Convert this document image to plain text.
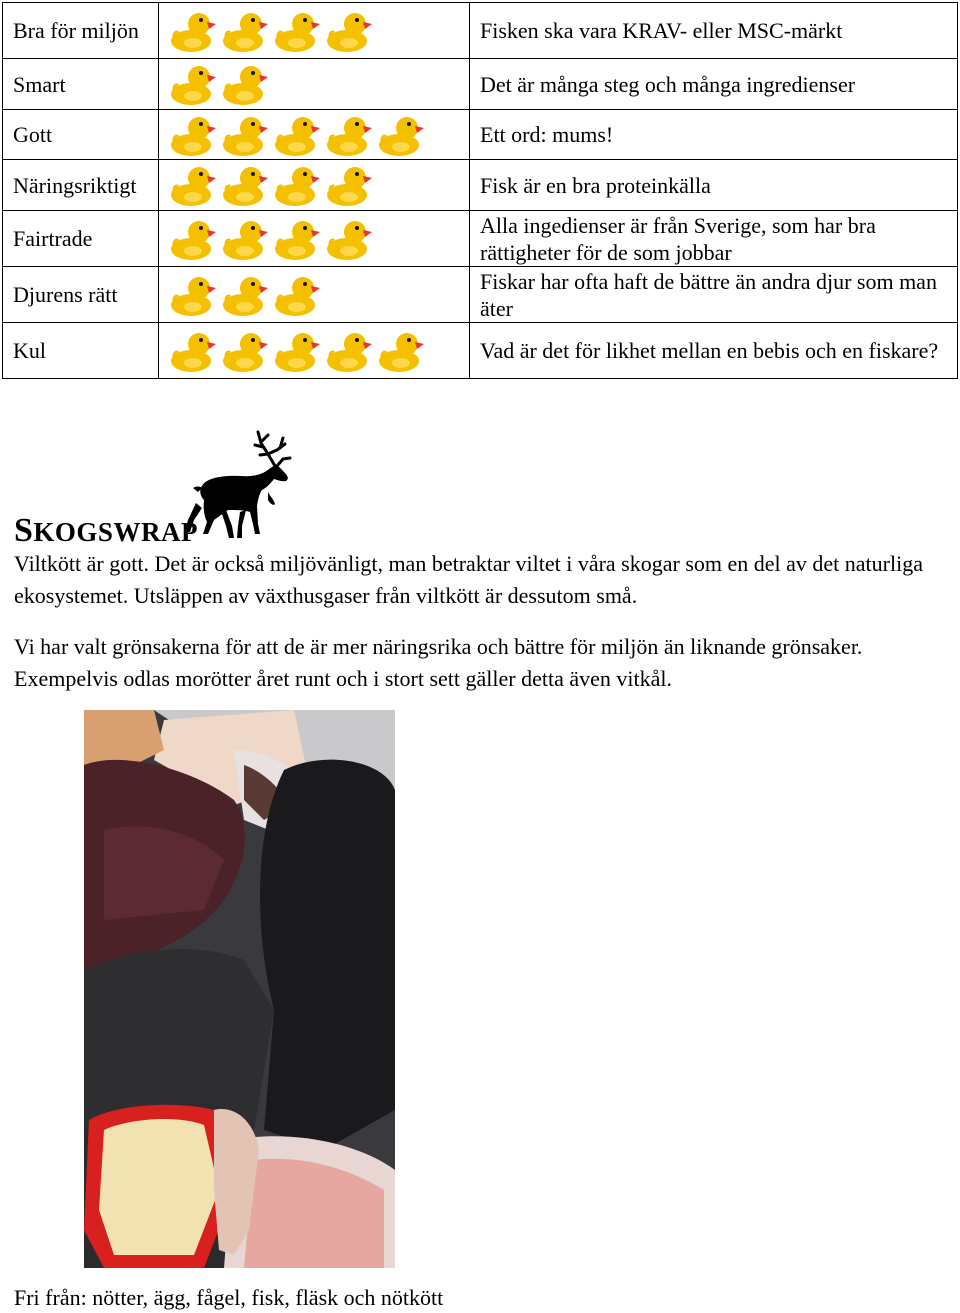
Bra för miljön		Fisken ska vara KRAV- eller MSC-märkt
Smart		Det är många steg och många ingredienser
Gott		Ett ord: mums!
Näringsriktigt		Fisk är en bra proteinkälla
Fairtrade		Alla ingedienser är från Sverige, som har bra rättigheter för de som jobbar
Djurens rätt		Fiskar har ofta haft de bättre än andra djur som man äter
Kul		Vad är det för likhet mellan en bebis och en fiskare?
SKOGSWRAP

Viltkött är gott. Det är också miljövänligt, man betraktar viltet i våra skogar som en del av det naturliga ekosystemet. Utsläppen av växthusgaser från viltkött är dessutom små.

Vi har valt grönsakerna för att de är mer näringsrika och bättre för miljön än liknande grönsaker. Exempelvis odlas morötter året runt och i stort sett gäller detta även vitkål.

Fri från: nötter, ägg, fågel, fisk, fläsk och nötkött
